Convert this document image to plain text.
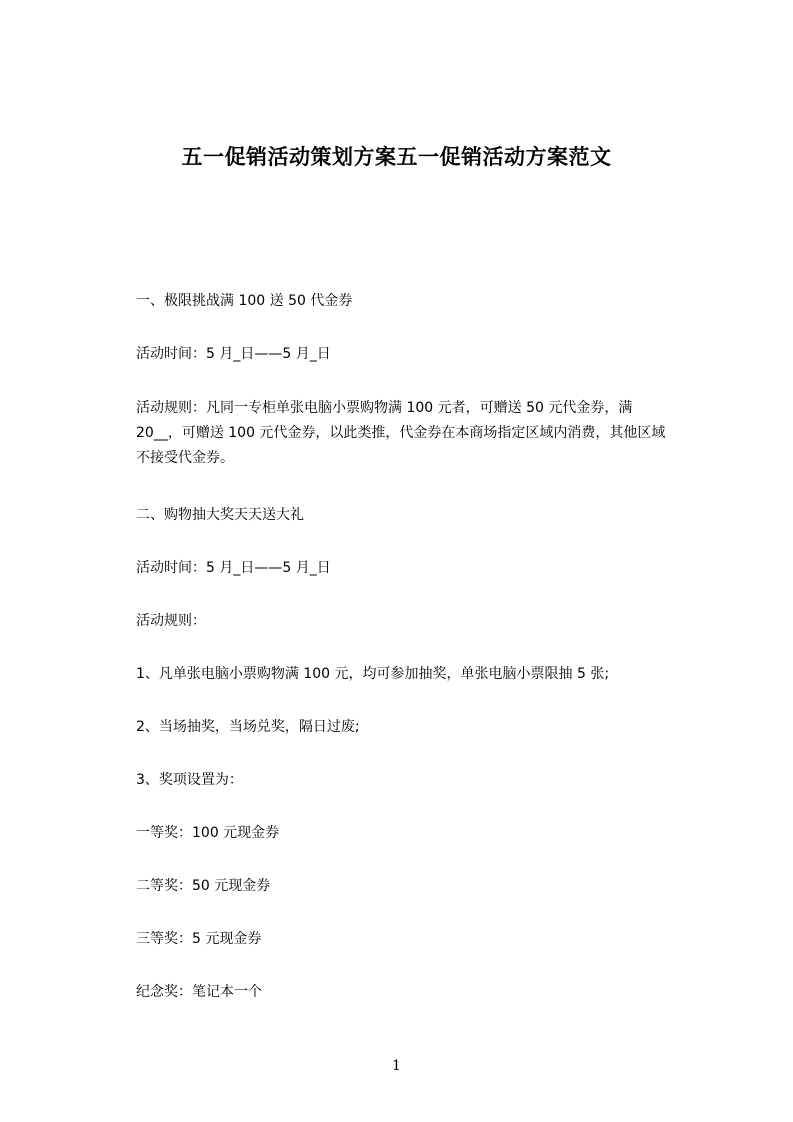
五一促销活动策划方案五一促销活动方案范文
一、极限挑战满 100 送 50 代金券
活动时间：5 月_日——5 月_日
活动规则：凡同一专柜单张电脑小票购物满 100 元者，可赠送 50 元代金券，满
20__，可赠送 100 元代金券，以此类推，代金券在本商场指定区域内消费，其他区域
不接受代金券。
二、购物抽大奖天天送大礼
活动时间：5 月_日——5 月_日
活动规则：
1、凡单张电脑小票购物满 100 元，均可参加抽奖，单张电脑小票限抽 5 张;
2、当场抽奖，当场兑奖，隔日过废;
3、奖项设置为：
一等奖：100 元现金券
二等奖：50 元现金券
三等奖：5 元现金券
纪念奖：笔记本一个
1
